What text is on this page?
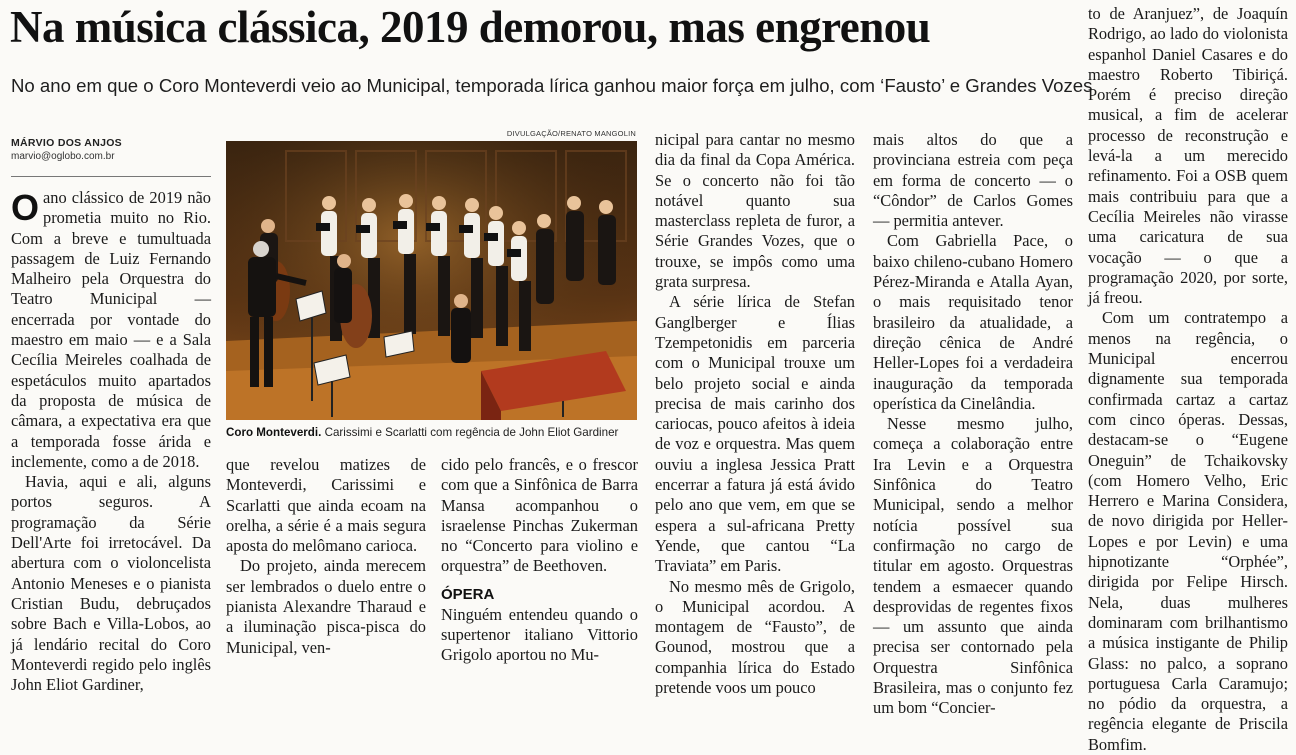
Na música clássica, 2019 demorou, mas engrenou
No ano em que o Coro Monteverdi veio ao Municipal, temporada lírica ganhou maior força em julho, com ‘Fausto’ e Grandes Vozes
MÁRVIO DOS ANJOS
marvio@oglobo.com.br

Oano clássico de 2019 não prometia muito no Rio. Com a breve e tumultuada passagem de Luiz Fernando Malheiro pela Orquestra do Teatro Municipal — encerrada por vontade do maestro em maio — e a Sala Cecília Meireles coalhada de espetáculos muito apartados da proposta de música de câmara, a expectativa era que a temporada fosse árida e inclemente, como a de 2018.

Havia, aqui e ali, alguns portos seguros. A programação da Série Dell'Arte foi irretocável. Da abertura com o violoncelista Antonio Meneses e o pianista Cristian Budu, debruçados sobre Bach e Villa-Lobos, ao já lendário recital do Coro Monteverdi regido pelo inglês John Eliot Gardiner,

DIVULGAÇÃO/RENATO MANGOLIN
Coro Monteverdi. Carissimi e Scarlatti com regência de John Eliot Gardiner

que revelou matizes de Monteverdi, Carissimi e Scarlatti que ainda ecoam na orelha, a série é a mais segura aposta do melômano carioca.

Do projeto, ainda merecem ser lembrados o duelo entre o pianista Alexandre Tharaud e a iluminação pisca-pisca do Municipal, ven-

cido pelo francês, e o frescor com que a Sinfônica de Barra Mansa acompanhou o israelense Pinchas Zukerman no “Concerto para violino e orquestra” de Beethoven.

ÓPERA

Ninguém entendeu quando o supertenor italiano Vittorio Grigolo aportou no Mu-

nicipal para cantar no mesmo dia da final da Copa América. Se o concerto não foi tão notável quanto sua masterclass repleta de furor, a Série Grandes Vozes, que o trouxe, se impôs como uma grata surpresa.

A série lírica de Stefan Ganglberger e Ílias Tzempetonidis em parceria com o Municipal trouxe um belo projeto social e ainda precisa de mais carinho dos cariocas, pouco afeitos à ideia de voz e orquestra. Mas quem ouviu a inglesa Jessica Pratt encerrar a fatura já está ávido pelo ano que vem, em que se espera a sul-africana Pretty Yende, que cantou “La Traviata” em Paris.

No mesmo mês de Grigolo, o Municipal acordou. A montagem de “Fausto”, de Gounod, mostrou que a companhia lírica do Estado pretende voos um pouco

mais altos do que a provinciana estreia com peça em forma de concerto — o “Côndor” de Carlos Gomes — permitia antever.

Com Gabriella Pace, o baixo chileno-cubano Homero Pérez-Miranda e Atalla Ayan, o mais requisitado tenor brasileiro da atualidade, a direção cênica de André Heller-Lopes foi a verdadeira inauguração da temporada operística da Cinelândia.

Nesse mesmo julho, começa a colaboração entre Ira Levin e a Orquestra Sinfônica do Teatro Municipal, sendo a melhor notícia possível sua confirmação no cargo de titular em agosto. Orquestras tendem a esmaecer quando desprovidas de regentes fixos — um assunto que ainda precisa ser contornado pela Orquestra Sinfônica Brasileira, mas o conjunto fez um bom “Concier-

to de Aranjuez”, de Joaquín Rodrigo, ao lado do violonista espanhol Daniel Casares e do maestro Roberto Tibiriçá. Porém é preciso direção musical, a fim de acelerar processo de reconstrução e levá-la a um merecido refinamento. Foi a OSB quem mais contribuiu para que a Cecília Meireles não virasse uma caricatura de sua vocação — o que a programação 2020, por sorte, já freou.

Com um contratempo a menos na regência, o Municipal encerrou dignamente sua temporada confirmada cartaz a cartaz com cinco óperas. Dessas, destacam-se o “Eugene Oneguin” de Tchaikovsky (com Homero Velho, Eric Herrero e Marina Considera, de novo dirigida por Heller-Lopes e por Levin) e uma hipnotizante “Orphée”, dirigida por Felipe Hirsch. Nela, duas mulheres dominaram com brilhantismo a música instigante de Philip Glass: no palco, a soprano portuguesa Carla Caramujo; no pódio da orquestra, a regência elegante de Priscila Bomfim.
